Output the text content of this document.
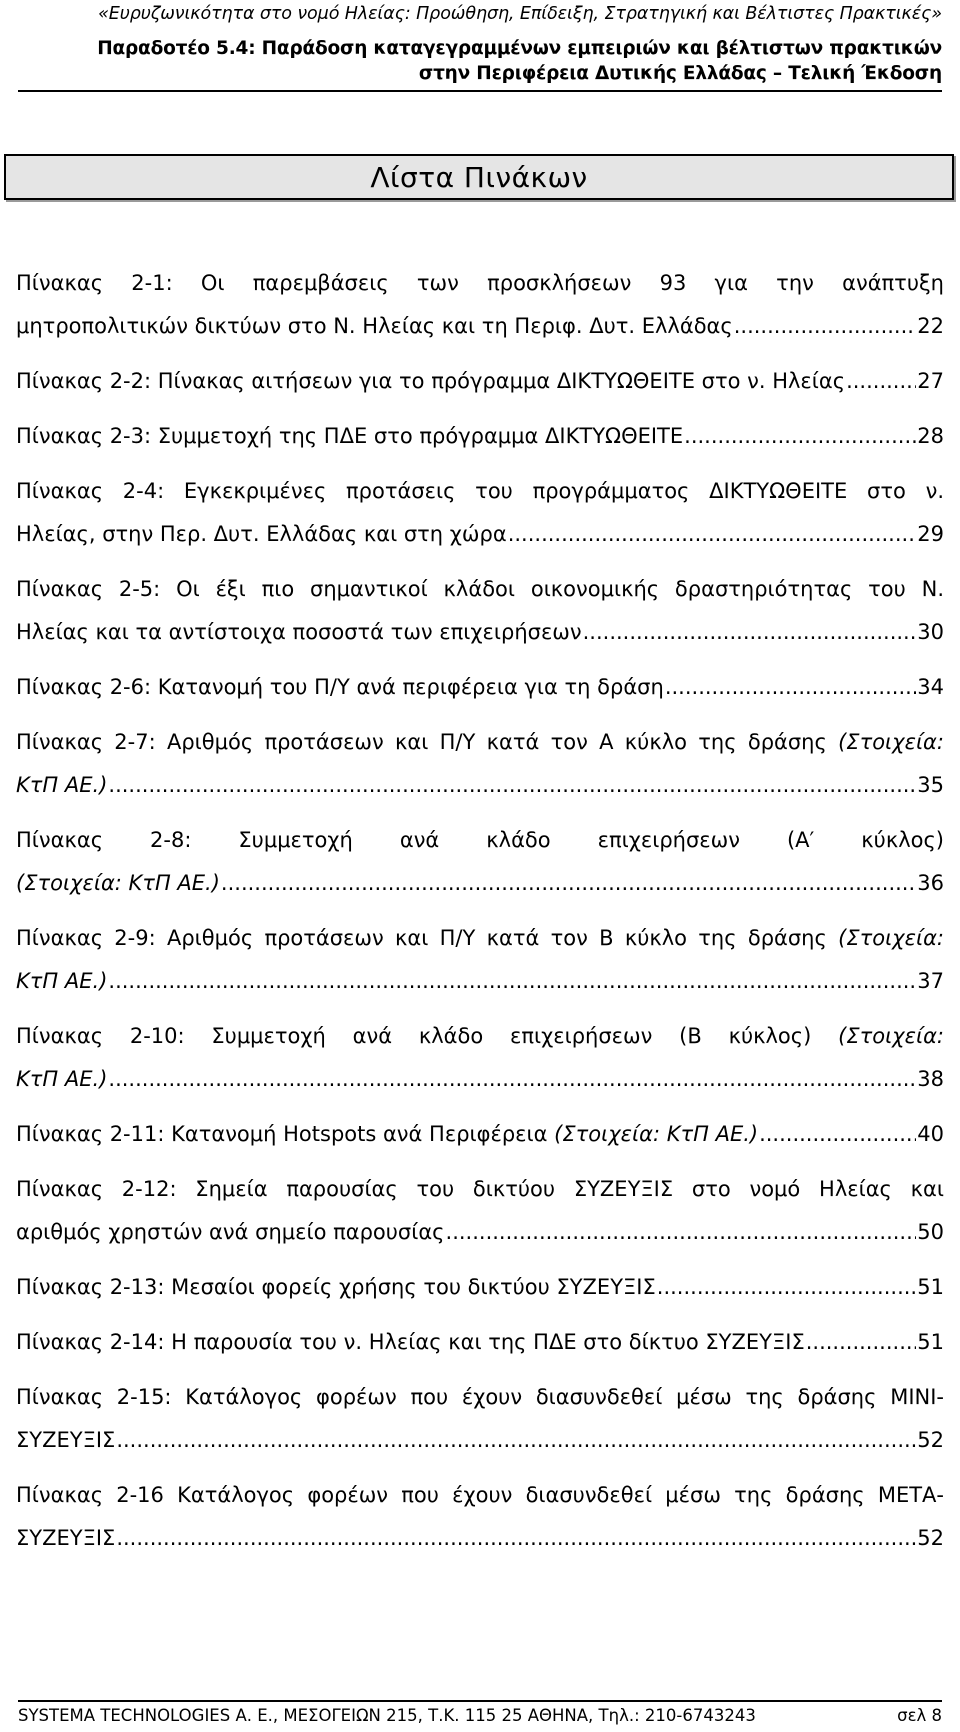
«Ευρυζωνικότητα στο νομό Ηλείας: Προώθηση, Επίδειξη, Στρατηγική και Βέλτιστες Πρακτικές»
Παραδοτέο 5.4: Παράδοση καταγεγραμμένων εμπειριών και βέλτιστων πρακτικών
στην Περιφέρεια Δυτικής Ελλάδας – Τελική Έκδοση
Λίστα Πινάκων
Πίνακας 2-1: Οι παρεμβάσεις των προσκλήσεων 93 για την ανάπτυξη
μητροπολιτικών δικτύων στο Ν. Ηλείας και τη Περιφ. Δυτ. Ελλάδας .....	22
Πίνακας 2-2: Πίνακας αιτήσεων για το πρόγραμμα ΔΙΚΤΥΩΘΕΙΤΕ στο ν. Ηλείας .....	27
Πίνακας 2-3: Συμμετοχή της ΠΔΕ στο πρόγραμμα ΔΙΚΤΥΩΘΕΙΤΕ .....	28
Πίνακας 2-4: Εγκεκριμένες προτάσεις του προγράμματος ΔΙΚΤΥΩΘΕΙΤΕ στο ν.
Ηλείας, στην Περ. Δυτ. Ελλάδας και στη χώρα .....	29
Πίνακας 2-5: Οι έξι πιο σημαντικοί κλάδοι οικονομικής δραστηριότητας του Ν.
Ηλείας και τα αντίστοιχα ποσοστά των επιχειρήσεων .....	30
Πίνακας 2-6: Κατανομή του Π/Υ ανά περιφέρεια για τη δράση .....	34
Πίνακας 2-7: Αριθμός προτάσεων και Π/Υ κατά τον Α κύκλο της δράσης (Στοιχεία:
ΚτΠ ΑΕ.) .....	35
Πίνακας 2-8: Συμμετοχή ανά κλάδο επιχειρήσεων (Α′ κύκλος)
(Στοιχεία: ΚτΠ ΑΕ.) .....	36
Πίνακας 2-9: Αριθμός προτάσεων και Π/Υ κατά τον Β κύκλο της δράσης (Στοιχεία:
ΚτΠ ΑΕ.) .....	37
Πίνακας 2-10: Συμμετοχή ανά κλάδο επιχειρήσεων (Β κύκλος) (Στοιχεία:
ΚτΠ ΑΕ.) .....	38
Πίνακας 2-11: Κατανομή Hotspots ανά Περιφέρεια (Στοιχεία: ΚτΠ ΑΕ.) .....	40
Πίνακας 2-12: Σημεία παρουσίας του δικτύου ΣΥΖΕΥΞΙΣ στο νομό Ηλείας και
αριθμός χρηστών ανά σημείο παρουσίας .....	50
Πίνακας 2-13: Μεσαίοι φορείς χρήσης του δικτύου ΣΥΖΕΥΞΙΣ .....	51
Πίνακας 2-14: Η παρουσία του ν. Ηλείας και της ΠΔΕ στο δίκτυο ΣΥΖΕΥΞΙΣ .....	51
Πίνακας 2-15: Κατάλογος φορέων που έχουν διασυνδεθεί μέσω της δράσης ΜΙΝΙ-
ΣΥΖΕΥΞΙΣ .....	52
Πίνακας 2-16 Κατάλογος φορέων που έχουν διασυνδεθεί μέσω της δράσης ΜΕΤΑ-
ΣΥΖΕΥΞΙΣ .....	52
SYSTEMA TECHNOLOGIES Α. Ε., ΜΕΣΟΓΕΙΩΝ 215, Τ.Κ. 115 25 ΑΘΗΝΑ, Τηλ.: 210-6743243	σελ 8
